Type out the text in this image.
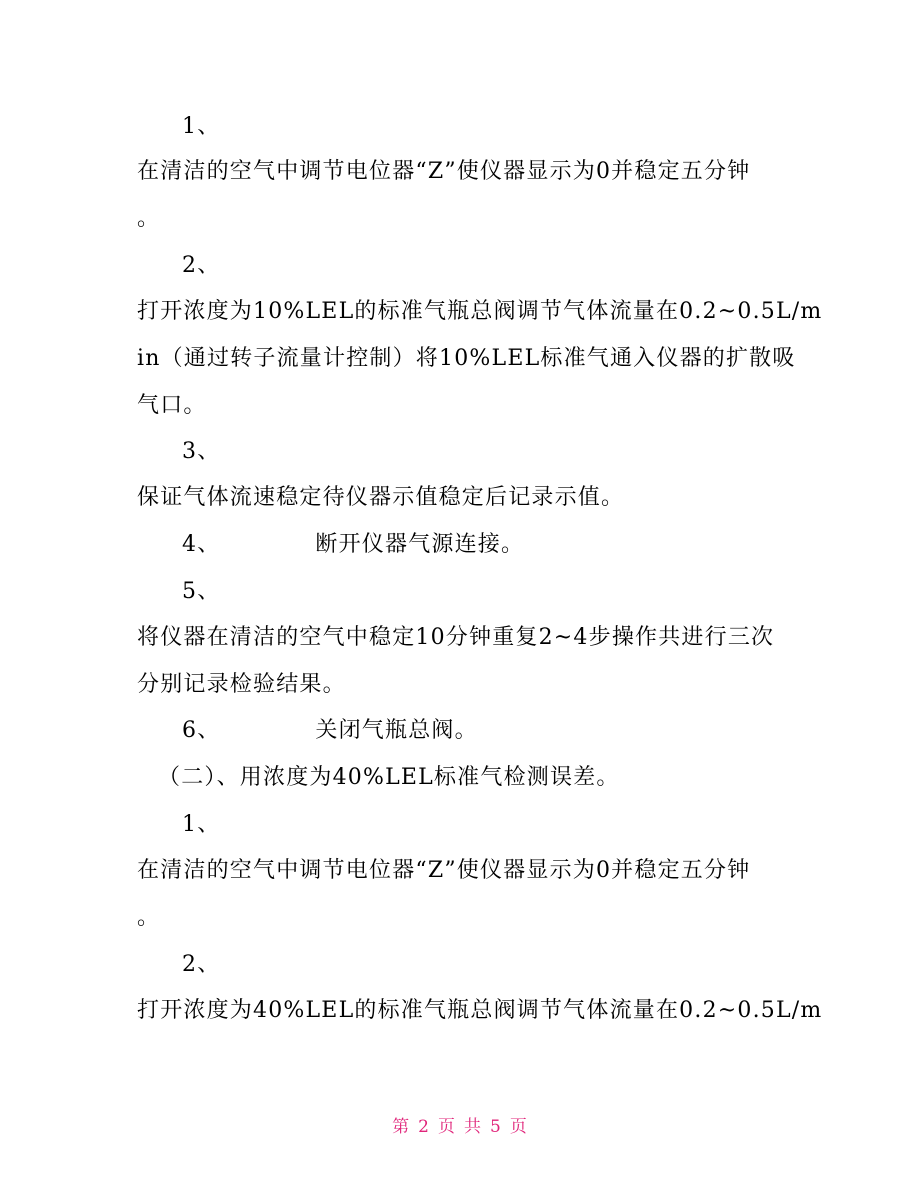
1、
在清洁的空气中调节电位器“Z”使仪器显示为0并稳定五分钟
。
2、
打开浓度为10%LEL的标准气瓶总阀调节气体流量在0.2~0.5L/m
in（通过转子流量计控制）将10%LEL标准气通入仪器的扩散吸
气口。
3、
保证气体流速稳定待仪器示值稳定后记录示值。
4、	断开仪器气源连接。
5、
将仪器在清洁的空气中稳定10分钟重复2~4步操作共进行三次
分别记录检验结果。
6、	关闭气瓶总阀。
（二）、用浓度为40%LEL标准气检测误差。
1、
在清洁的空气中调节电位器“Z”使仪器显示为0并稳定五分钟
。
2、
打开浓度为40%LEL的标准气瓶总阀调节气体流量在0.2~0.5L/m
第 2 页 共 5 页
